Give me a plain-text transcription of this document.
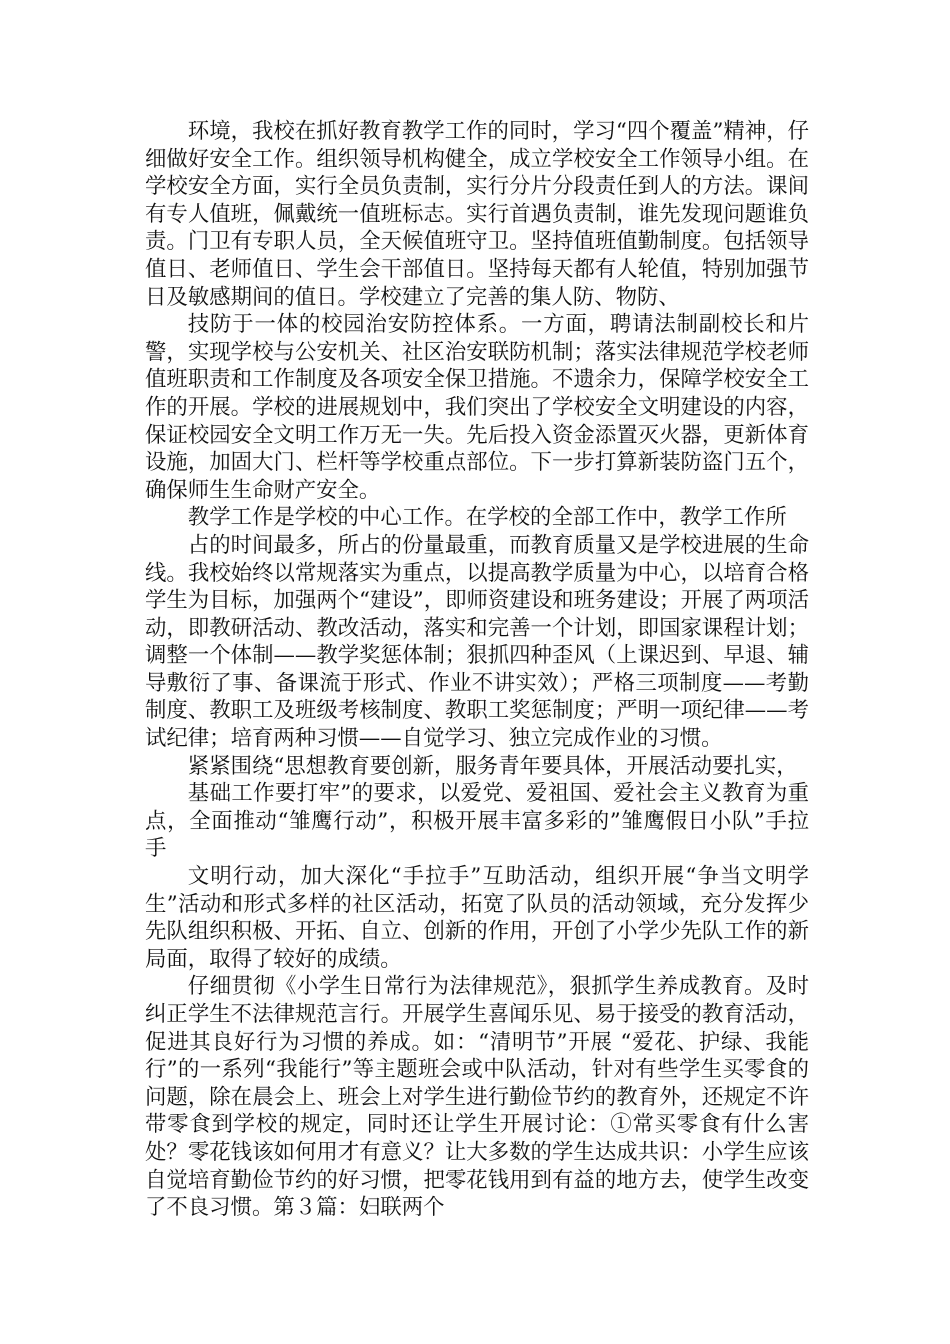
环境，我校在抓好教育教学工作的同时，学习“四个覆盖”精神，仔细做好安全工作。组织领导机构健全，成立学校安全工作领导小组。在学校安全方面，实行全员负责制，实行分片分段责任到人的方法。课间有专人值班，佩戴统一值班标志。实行首遇负责制，谁先发现问题谁负责。门卫有专职人员，全天候值班守卫。坚持值班值勤制度。包括领导值日、老师值日、学生会干部值日。坚持每天都有人轮值，特别加强节日及敏感期间的值日。学校建立了完善的集人防、物防、

技防于一体的校园治安防控体系。一方面，聘请法制副校长和片警，实现学校与公安机关、社区治安联防机制；落实法律规范学校老师值班职责和工作制度及各项安全保卫措施。不遗余力，保障学校安全工作的开展。学校的进展规划中，我们突出了学校安全文明建设的内容，保证校园安全文明工作万无一失。先后投入资金添置灭火器，更新体育设施，加固大门、栏杆等学校重点部位。下一步打算新装防盗门五个，确保师生生命财产安全。

教学工作是学校的中心工作。在学校的全部工作中，教学工作所

占的时间最多，所占的份量最重，而教育质量又是学校进展的生命线。我校始终以常规落实为重点，以提高教学质量为中心，以培育合格学生为目标，加强两个“建设”，即师资建设和班务建设；开展了两项活动，即教研活动、教改活动，落实和完善一个计划，即国家课程计划；调整一个体制——教学奖惩体制；狠抓四种歪风（上课迟到、早退、辅导敷衍了事、备课流于形式、作业不讲实效）；严格三项制度——考勤制度、教职工及班级考核制度、教职工奖惩制度；严明一项纪律——考试纪律；培育两种习惯——自觉学习、独立完成作业的习惯。

紧紧围绕“思想教育要创新，服务青年要具体，开展活动要扎实，

基础工作要打牢”的要求，以爱党、爱祖国、爱社会主义教育为重点，全面推动“雏鹰行动”，积极开展丰富多彩的”雏鹰假日小队”手拉手

文明行动，加大深化“手拉手”互助活动，组织开展“争当文明学生”活动和形式多样的社区活动，拓宽了队员的活动领域，充分发挥少先队组织积极、开拓、自立、创新的作用，开创了小学少先队工作的新局面，取得了较好的成绩。

仔细贯彻《小学生日常行为法律规范》，狠抓学生养成教育。及时纠正学生不法律规范言行。开展学生喜闻乐见、易于接受的教育活动，促进其良好行为习惯的养成。如：“清明节”开展 “爱花、护绿、我能行”的一系列“我能行”等主题班会或中队活动，针对有些学生买零食的问题，除在晨会上、班会上对学生进行勤俭节约的教育外，还规定不许带零食到学校的规定，同时还让学生开展讨论：①常买零食有什么害处？零花钱该如何用才有意义？让大多数的学生达成共识：小学生应该自觉培育勤俭节约的好习惯，把零花钱用到有益的地方去，使学生改变了不良习惯。第３篇：妇联两个
